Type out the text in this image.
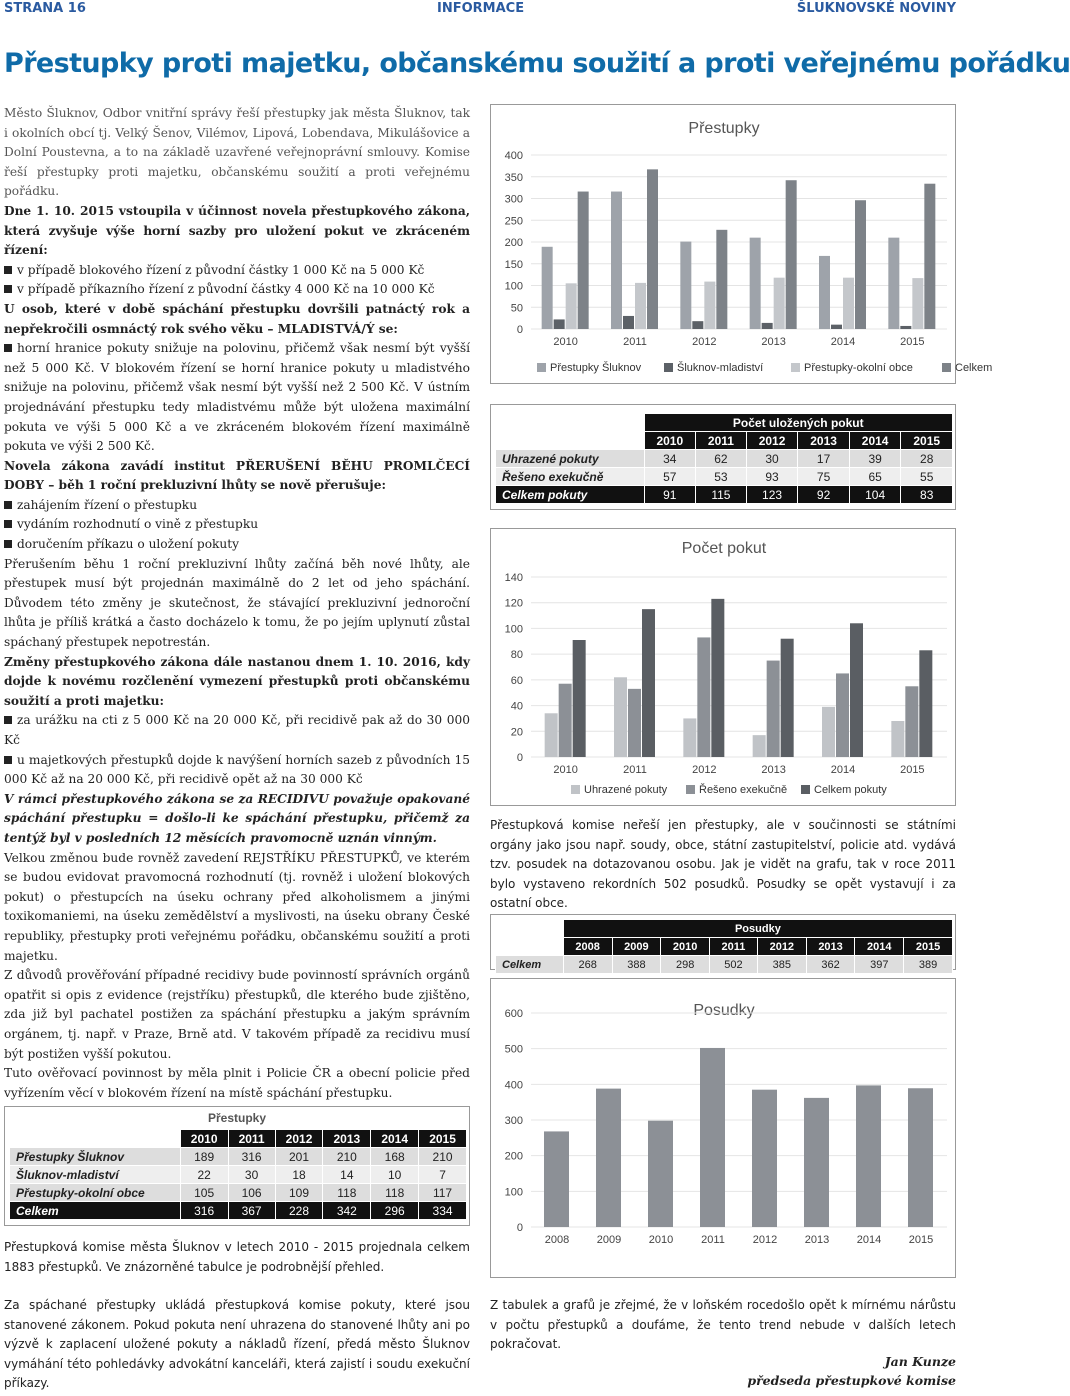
STRANA 16	INFORMACE	ŠLUKNOVSKÉ NOVINY
Přestupky proti majetku, občanskému soužití a proti veřejnému pořádku

Město Šluknov, Odbor vnitřní správy řeší přestupky jak města Šluknov, tak i okolních obcí tj. Velký Šenov, Vilémov, Lipová, Lobendava, Mikulášovice a Dolní Poustevna, a to na základě uzavřené veřejnoprávní smlouvy. Komise řeší přestupky proti majetku, občanskému soužití a proti veřejnému pořádku.

Dne 1. 10. 2015 vstoupila v účinnost novela přestupkového zákona, která zvyšuje výše horní sazby pro uložení pokut ve zkráceném řízení:

v případě blokového řízení z původní částky 1 000 Kč na 5 000 Kč

v případě příkazního řízení z původní částky 4 000 Kč na 10 000 Kč

U osob, které v době spáchání přestupku dovršili patnáctý rok a nepřekročili osmnáctý rok svého věku – MLADISTVÁ/Ý se:

horní hranice pokuty snižuje na polovinu, přičemž však nesmí být vyšší než 5 000 Kč. V blokovém řízení se horní hranice pokuty u mladistvého snižuje na polovinu, přičemž však nesmí být vyšší než 2 500 Kč. V ústním projednávání přestupku tedy mladistvému může být uložena maximální pokuta ve výši 5 000 Kč a ve zkráceném blokovém řízení maximálně pokuta ve výši 2 500 Kč.

Novela zákona zavádí institut PŘERUŠENÍ BĚHU PROMLČECÍ DOBY – běh 1 roční prekluzivní lhůty se nově přerušuje:

zahájením řízení o přestupku

vydáním rozhodnutí o vině z přestupku

doručením příkazu o uložení pokuty

Přerušením běhu 1 roční prekluzivní lhůty začíná běh nové lhůty, ale přestupek musí být projednán maximálně do 2 let od jeho spáchání. Důvodem této změny je skutečnost, že stávající prekluzivní jednoroční lhůta je příliš krátká a často docházelo k tomu, že po jejím uplynutí zůstal spáchaný přestupek nepotrestán.

Změny přestupkového zákona dále nastanou dnem 1. 10. 2016, kdy dojde k novému rozčlenění vymezení přestupků proti občanskému soužití a proti majetku:

za urážku na cti z 5 000 Kč na 20 000 Kč, při recidivě pak až do 30 000 Kč

u majetkových přestupků dojde k navýšení horních sazeb z původních 15 000 Kč až na 20 000 Kč, při recidivě opět až na 30 000 Kč

V rámci přestupkového zákona se za RECIDIVU považuje opakované spáchání přestupku = došlo-li ke spáchání přestupku, přičemž za tentýž byl v posledních 12 měsících pravomocně uznán vinným.

Velkou změnou bude rovněž zavedení REJSTŘÍKU PŘESTUPKŮ, ve kterém se budou evidovat pravomocná rozhodnutí (tj. rovněž i uložení blokových pokut) o přestupcích na úseku ochrany před alkoholismem a jinými toxikomaniemi, na úseku zemědělství a myslivosti, na úseku obrany České republiky, přestupky proti veřejnému pořádku, občanskému soužití a proti majetku.

Z důvodů prověřování případné recidivy bude povinností správních orgánů opatřit si opis z evidence (rejstříku) přestupků, dle kterého bude zjištěno, zda již byl pachatel postižen za spáchání přestupku a jakým správním orgánem, tj. např. v Praze, Brně atd. V takovém případě za recidivu musí být postižen vyšší pokutou.

Tuto ověřovací povinnost by měla plnit i Policie ČR a obecní policie před vyřízením věcí v blokovém řízení na místě spáchání přestupku.

Přestupky
	2010	2011	2012	2013	2014	2015
Přestupky Šluknov	189	316	201	210	168	210
Šluknov-mladiství	22	30	18	14	10	7
Přestupky-okolní obce	105	106	109	118	118	117
Celkem	316	367	228	342	296	334
Přestupková komise města Šluknov v letech 2010 - 2015 projednala celkem 1883 přestupků. Ve znázorněné tabulce je podrobnější přehled.
Za spáchané přestupky ukládá přestupková komise pokuty, které jsou stanovené zákonem. Pokud pokuta není uhrazena do stanovené lhůty ani po výzvě k zaplacení uložené pokuty a nákladů řízení, předá město Šluknov vymáhání této pohledávky advokátní kanceláři, která zajistí i soudu exekuční příkazy.
Přestupky
0
50
100
150
200
250
300
350
400
2010	2011	2012	2013	2014	2015
Přestupky Šluknov	Šluknov-mladiství	Přestupky-okolní obce	Celkem
	Počet uložených pokut					
	2010	2011	2012	2013	2014	2015
Uhrazené pokuty	34	62	30	17	39	28
Řešeno exekučně	57	53	93	75	65	55
Celkem pokuty	91	115	123	92	104	83
Počet pokut
0
20
40
60
80
100
120
140
2010	2011	2012	2013	2014	2015
Uhrazené pokuty	Řešeno exekučně Celkem pokuty
Přestupková komise neřeší jen přestupky, ale v součinnosti se státními orgány jako jsou např. soudy, obce, státní zastupitelství, policie atd. vydává tzv. posudek na dotazovanou osobu. Jak je vidět na grafu, tak v roce 2011 bylo vystaveno rekordních 502 posudků. Posudky se opět vystavují i za ostatní obce.
	Posudky							
	2008	2009	2010	2011	2012	2013	2014	2015
Celkem	268	388	298	502	385	362	397	389
Posudky
0
100
200
300
400
500
600
2008	2009	2010	2011	2012	2013	2014	2015
Z tabulek a grafů je zřejmé, že v loňském rocedošlo opět k mírnému nárůstu v počtu přestupků a doufáme, že tento trend nebude v dalších letech pokračovat.
Jan Kunze
předseda přestupkové komise
